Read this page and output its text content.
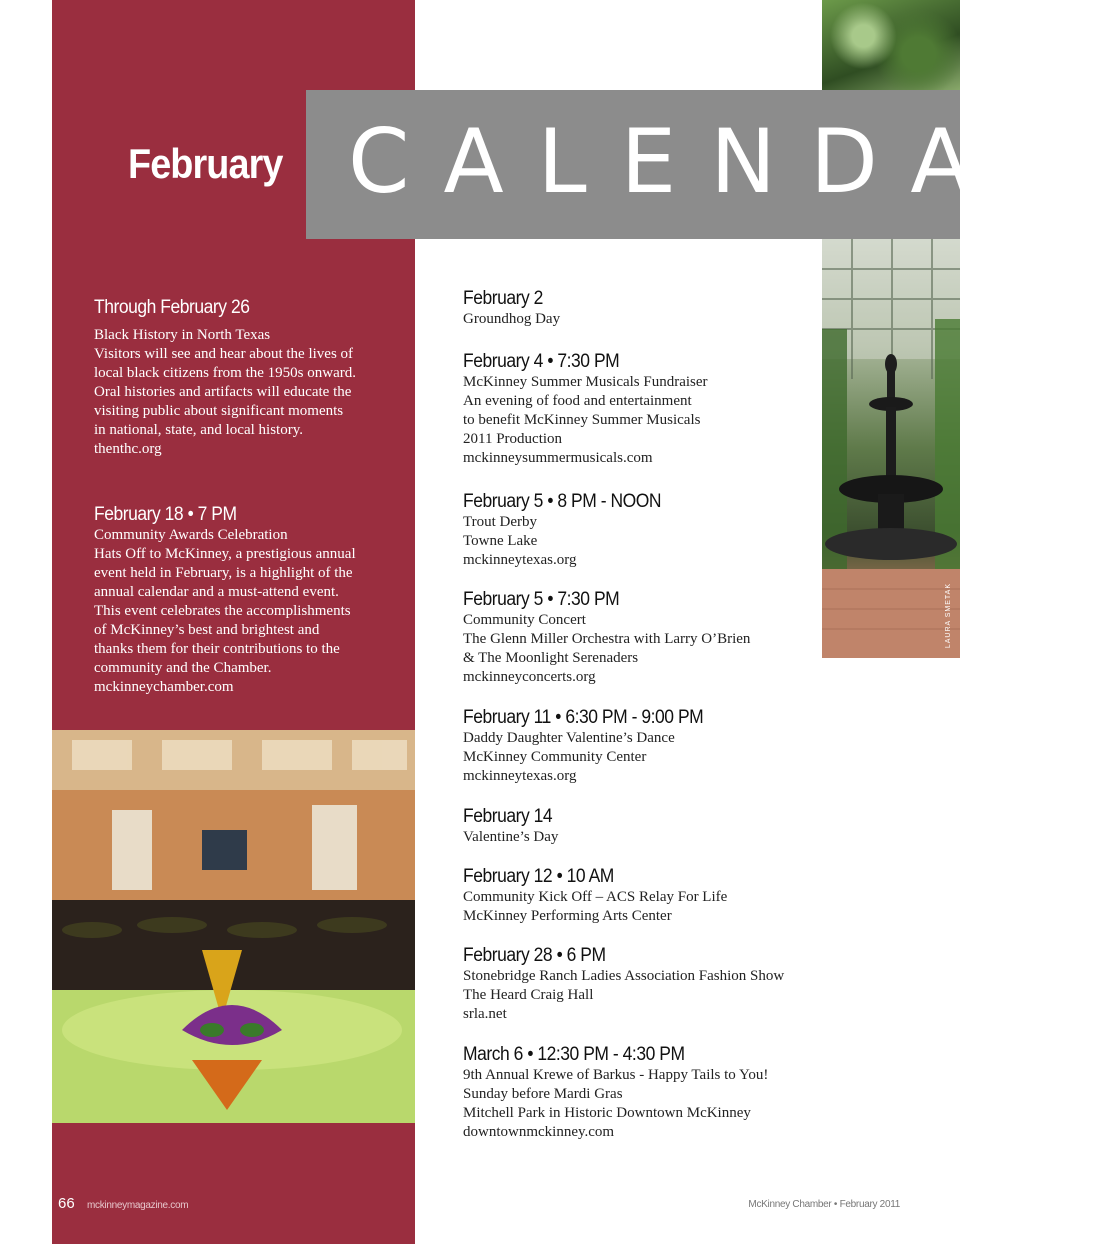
LAURA SMETAK
February CALENDAR
Through February 26
Black History in North Texas
Visitors will see and hear about the lives of
local black citizens from the 1950s onward.
Oral histories and artifacts will educate the
visiting public about significant moments
in national, state, and local history.
thenthc.org
February 18 • 7 PM
Community Awards Celebration
Hats Off to McKinney, a prestigious annual
event held in February, is a highlight of the
annual calendar and a must-attend event.
This event celebrates the accomplishments
of McKinney’s best and brightest and
thanks them for their contributions to the
community and the Chamber.
mckinneychamber.com
February 2
Groundhog Day
February 4 • 7:30 PM
McKinney Summer Musicals Fundraiser
An evening of food and entertainment
to benefit McKinney Summer Musicals
2011 Production
mckinneysummermusicals.com
February 5 • 8 PM - NOON
Trout Derby
Towne Lake
mckinneytexas.org
February 5 • 7:30 PM
Community Concert
The Glenn Miller Orchestra with Larry O’Brien
& The Moonlight Serenaders
mckinneyconcerts.org
February 11 • 6:30 PM - 9:00 PM
Daddy Daughter Valentine’s Dance
McKinney Community Center
mckinneytexas.org
February 14
Valentine’s Day
February 12 • 10 AM
Community Kick Off – ACS Relay For Life
McKinney Performing Arts Center
February 28 • 6 PM
Stonebridge Ranch Ladies Association Fashion Show
The Heard Craig Hall
srla.net
March 6 • 12:30 PM - 4:30 PM
9th Annual Krewe of Barkus - Happy Tails to You!
Sunday before Mardi Gras
Mitchell Park in Historic Downtown McKinney
downtownmckinney.com
66 mckinneymagazine.com	McKinney Chamber • February 2011
